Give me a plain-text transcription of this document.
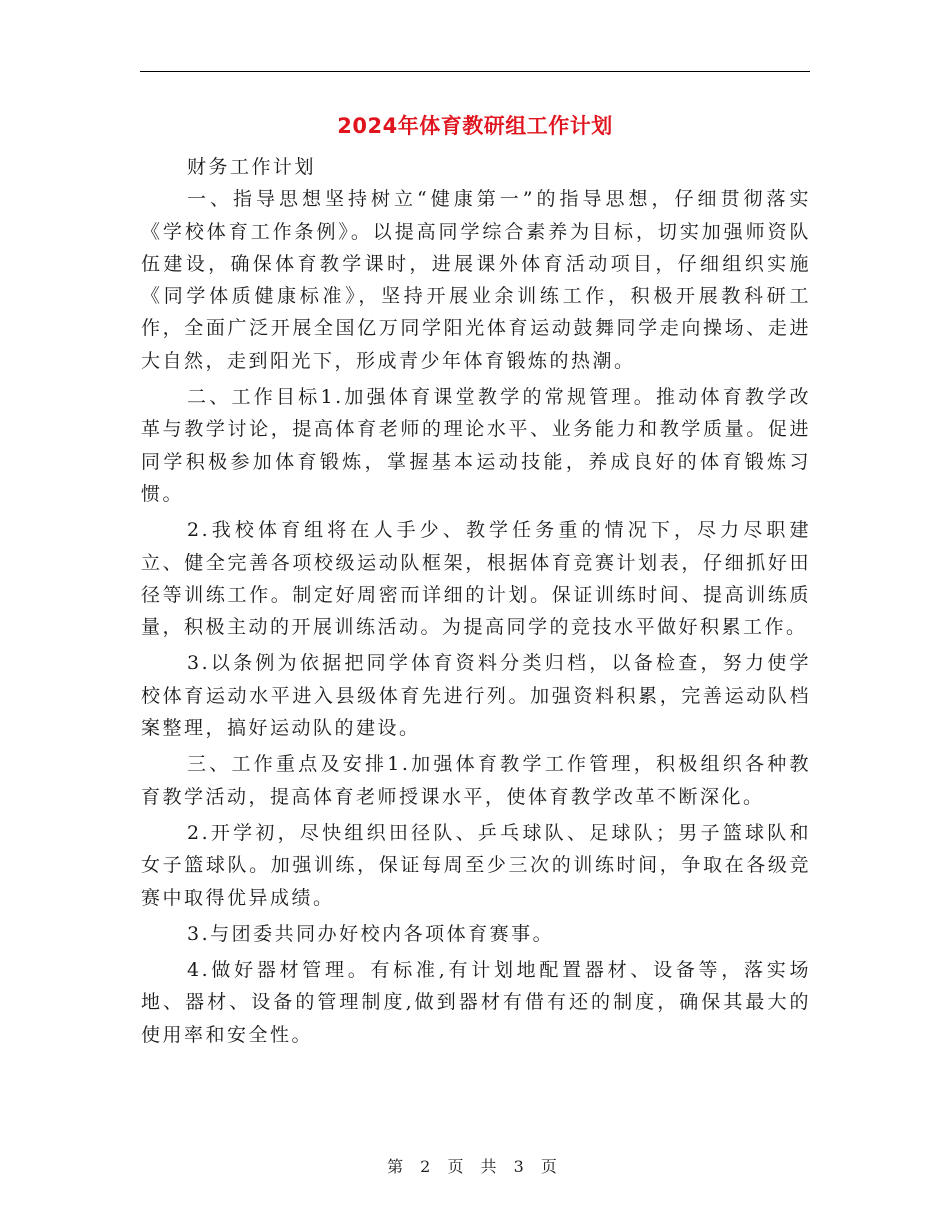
2024年体育教研组工作计划

财务工作计划

一、指导思想坚持树立“健康第一”的指导思想，仔细贯彻落实《学校体育工作条例》。以提高同学综合素养为目标，切实加强师资队伍建设，确保体育教学课时，进展课外体育活动项目，仔细组织实施《同学体质健康标准》，坚持开展业余训练工作，积极开展教科研工作，全面广泛开展全国亿万同学阳光体育运动鼓舞同学走向操场、走进大自然，走到阳光下，形成青少年体育锻炼的热潮。

二、工作目标1.加强体育课堂教学的常规管理。推动体育教学改革与教学讨论，提高体育老师的理论水平、业务能力和教学质量。促进同学积极参加体育锻炼，掌握基本运动技能，养成良好的体育锻炼习惯。

2.我校体育组将在人手少、教学任务重的情况下，尽力尽职建立、健全完善各项校级运动队框架，根据体育竞赛计划表，仔细抓好田径等训练工作。制定好周密而详细的计划。保证训练时间、提高训练质量，积极主动的开展训练活动。为提高同学的竞技水平做好积累工作。

3.以条例为依据把同学体育资料分类归档，以备检查，努力使学校体育运动水平进入县级体育先进行列。加强资料积累，完善运动队档案整理，搞好运动队的建设。

三、工作重点及安排1.加强体育教学工作管理，积极组织各种教育教学活动，提高体育老师授课水平，使体育教学改革不断深化。

2.开学初，尽快组织田径队、乒乓球队、足球队；男子篮球队和女子篮球队。加强训练，保证每周至少三次的训练时间，争取在各级竞赛中取得优异成绩。

3.与团委共同办好校内各项体育赛事。

4.做好器材管理。有标准,有计划地配置器材、设备等，落实场地、器材、设备的管理制度,做到器材有借有还的制度，确保其最大的使用率和安全性。

第 2 页 共 3 页
